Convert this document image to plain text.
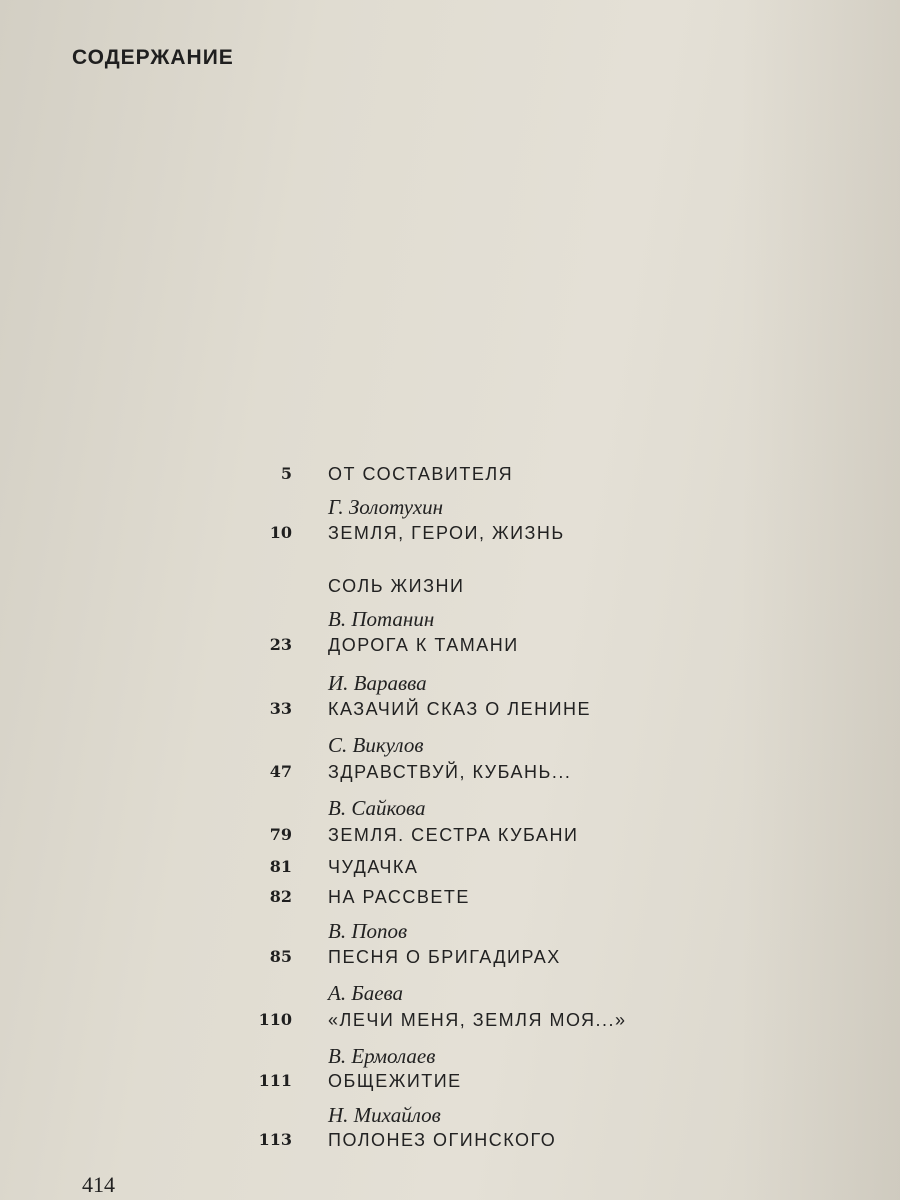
СОДЕРЖАНИЕ
5 ОТ СОСТАВИТЕЛЯ
Г. Золотухин
10 ЗЕМЛЯ, ГЕРОИ, ЖИЗНЬ
СОЛЬ ЖИЗНИ
В. Потанин
23 ДОРОГА К ТАМАНИ
И. Варавва
33 КАЗАЧИЙ СКАЗ О ЛЕНИНЕ
С. Викулов
47 ЗДРАВСТВУЙ, КУБАНЬ...
В. Сайкова
79 ЗЕМЛЯ. СЕСТРА КУБАНИ
81 ЧУДАЧКА
82 НА РАССВЕТЕ
В. Попов
85 ПЕСНЯ О БРИГАДИРАХ
А. Баева
110 «ЛЕЧИ МЕНЯ, ЗЕМЛЯ МОЯ...»
В. Ермолаев
111 ОБЩЕЖИТИЕ
Н. Михайлов
113 ПОЛОНЕЗ ОГИНСКОГО
414
